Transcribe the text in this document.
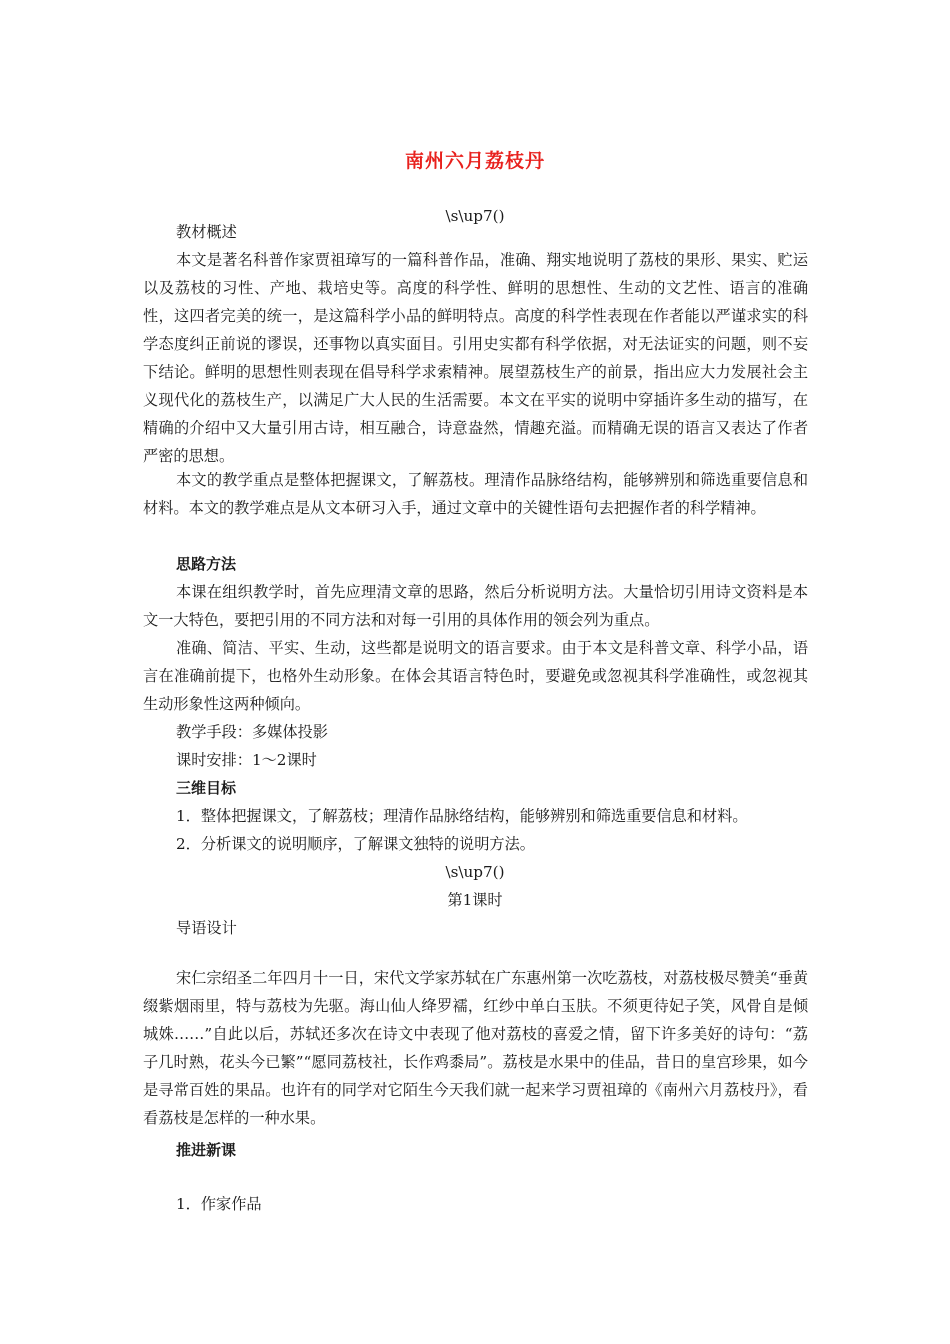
南州六月荔枝丹
\s\up7()
教材概述
本文是著名科普作家贾祖璋写的一篇科普作品，准确、翔实地说明了荔枝的果形、果实、贮运以及荔枝的习性、产地、栽培史等。高度的科学性、鲜明的思想性、生动的文艺性、语言的准确性，这四者完美的统一，是这篇科学小品的鲜明特点。高度的科学性表现在作者能以严谨求实的科学态度纠正前说的谬误，还事物以真实面目。引用史实都有科学依据，对无法证实的问题，则不妄下结论。鲜明的思想性则表现在倡导科学求索精神。展望荔枝生产的前景，指出应大力发展社会主义现代化的荔枝生产，以满足广大人民的生活需要。本文在平实的说明中穿插许多生动的描写，在精确的介绍中又大量引用古诗，相互融合，诗意盎然，情趣充溢。而精确无误的语言又表达了作者严密的思想。
本文的教学重点是整体把握课文，了解荔枝。理清作品脉络结构，能够辨别和筛选重要信息和材料。本文的教学难点是从文本研习入手，通过文章中的关键性语句去把握作者的科学精神。
思路方法
本课在组织教学时，首先应理清文章的思路，然后分析说明方法。大量恰切引用诗文资料是本文一大特色，要把引用的不同方法和对每一引用的具体作用的领会列为重点。
准确、简洁、平实、生动，这些都是说明文的语言要求。由于本文是科普文章、科学小品，语言在准确前提下，也格外生动形象。在体会其语言特色时，要避免或忽视其科学准确性，或忽视其生动形象性这两种倾向。
教学手段：多媒体投影
课时安排：1～2课时
三维目标
1．整体把握课文，了解荔枝；理清作品脉络结构，能够辨别和筛选重要信息和材料。
2．分析课文的说明顺序，了解课文独特的说明方法。
\s\up7()
第1课时
导语设计
宋仁宗绍圣二年四月十一日，宋代文学家苏轼在广东惠州第一次吃荔枝，对荔枝极尽赞美“垂黄缀紫烟雨里，特与荔枝为先驱。海山仙人绛罗襦，红纱中单白玉肤。不须更待妃子笑，风骨自是倾城姝……”自此以后，苏轼还多次在诗文中表现了他对荔枝的喜爱之情，留下许多美好的诗句：“荔子几时熟，花头今已繁”“愿同荔枝社，长作鸡黍局”。荔枝是水果中的佳品，昔日的皇宫珍果，如今是寻常百姓的果品。也许有的同学对它陌生今天我们就一起来学习贾祖璋的《南州六月荔枝丹》，看看荔枝是怎样的一种水果。
推进新课
1．作家作品
